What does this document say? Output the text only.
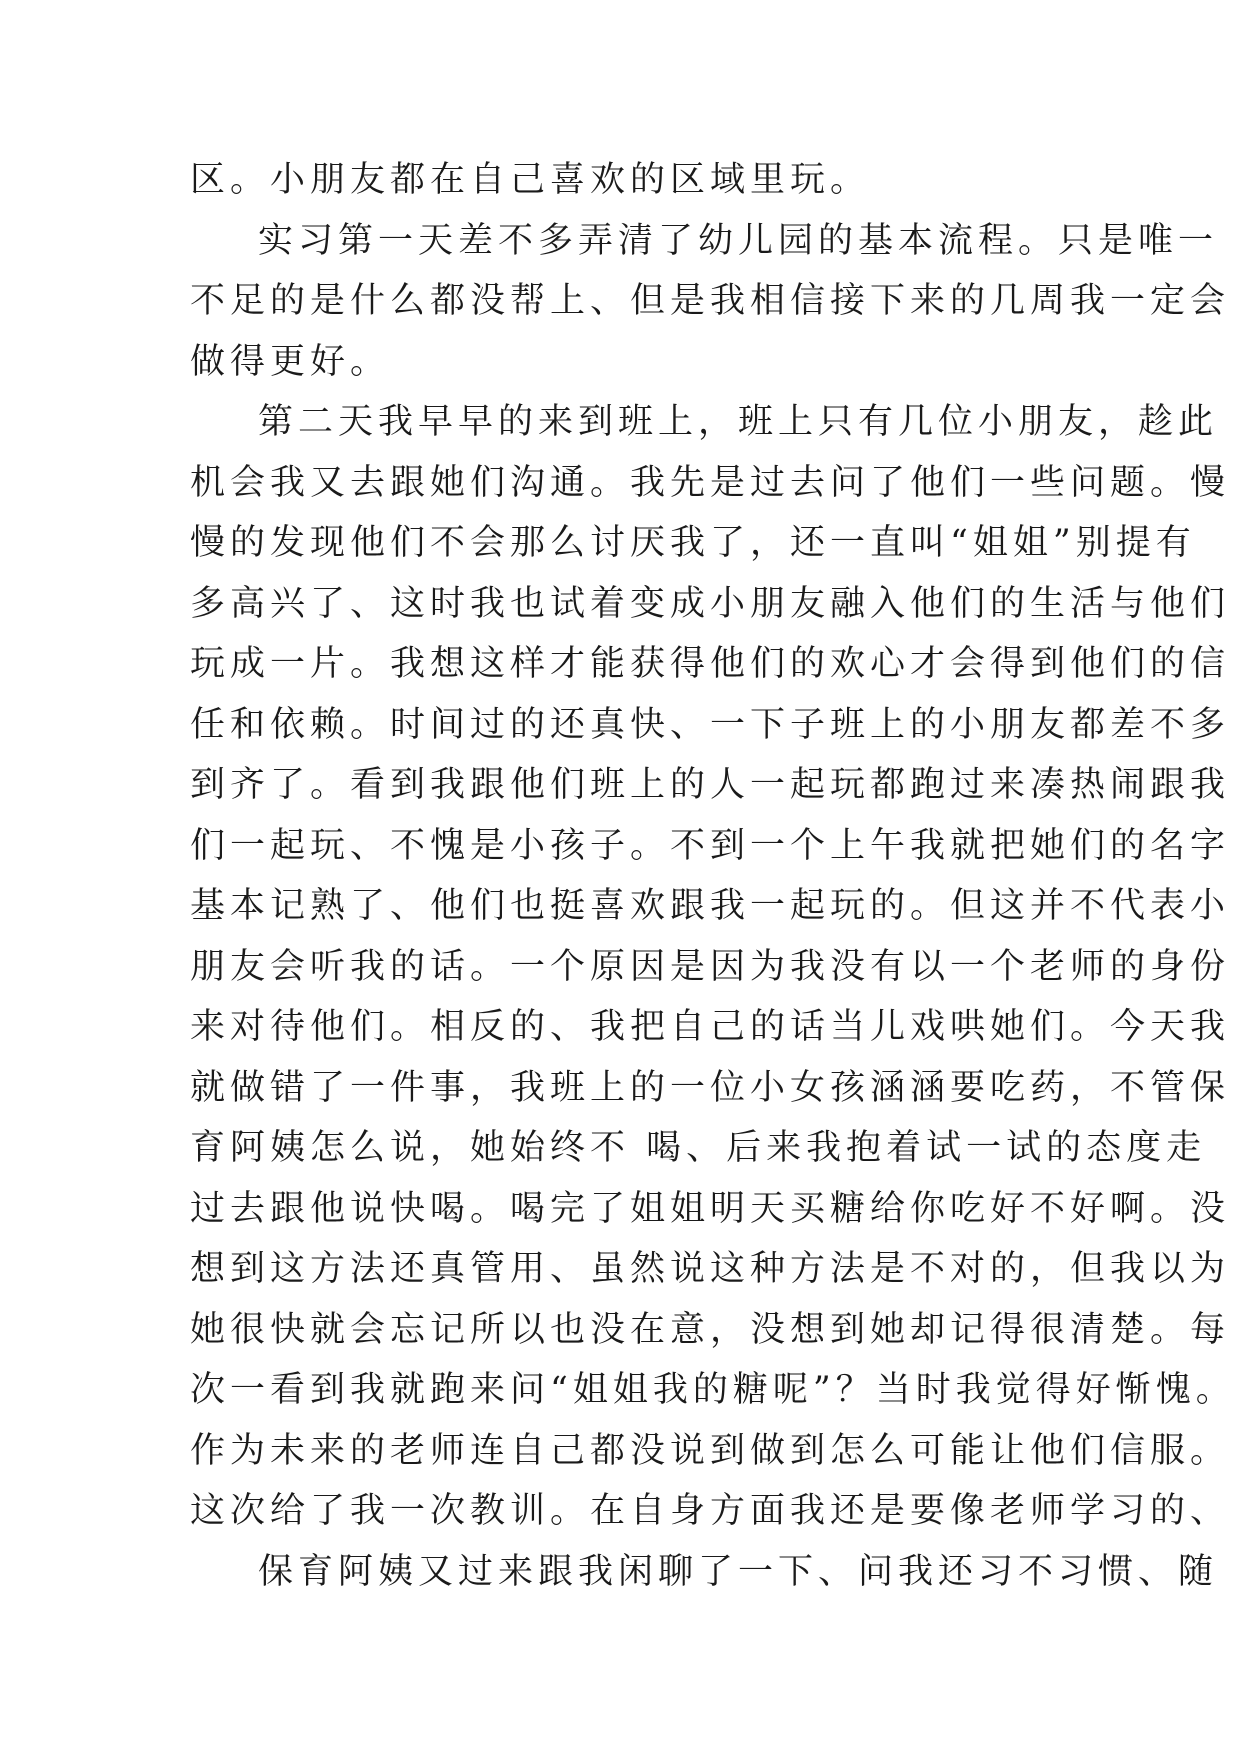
区。小朋友都在自己喜欢的区域里玩。
实习第一天差不多弄清了幼儿园的基本流程。只是唯一
不足的是什么都没帮上、但是我相信接下来的几周我一定会
做得更好。
第二天我早早的来到班上，班上只有几位小朋友，趁此
机会我又去跟她们沟通。我先是过去问了他们一些问题。慢
慢的发现他们不会那么讨厌我了，还一直叫“姐姐”别提有
多高兴了、这时我也试着变成小朋友融入他们的生活与他们
玩成一片。我想这样才能获得他们的欢心才会得到他们的信
任和依赖。时间过的还真快、一下子班上的小朋友都差不多
到齐了。看到我跟他们班上的人一起玩都跑过来凑热闹跟我
们一起玩、不愧是小孩子。不到一个上午我就把她们的名字
基本记熟了、他们也挺喜欢跟我一起玩的。但这并不代表小
朋友会听我的话。一个原因是因为我没有以一个老师的身份
来对待他们。相反的、我把自己的话当儿戏哄她们。今天我
就做错了一件事，我班上的一位小女孩涵涵要吃药，不管保
育阿姨怎么说，她始终不 喝、后来我抱着试一试的态度走
过去跟他说快喝。喝完了姐姐明天买糖给你吃好不好啊。没
想到这方法还真管用、虽然说这种方法是不对的，但我以为
她很快就会忘记所以也没在意，没想到她却记得很清楚。每
次一看到我就跑来问“姐姐我的糖呢”？当时我觉得好惭愧。
作为未来的老师连自己都没说到做到怎么可能让他们信服。
这次给了我一次教训。在自身方面我还是要像老师学习的、
保育阿姨又过来跟我闲聊了一下、问我还习不习惯、随
